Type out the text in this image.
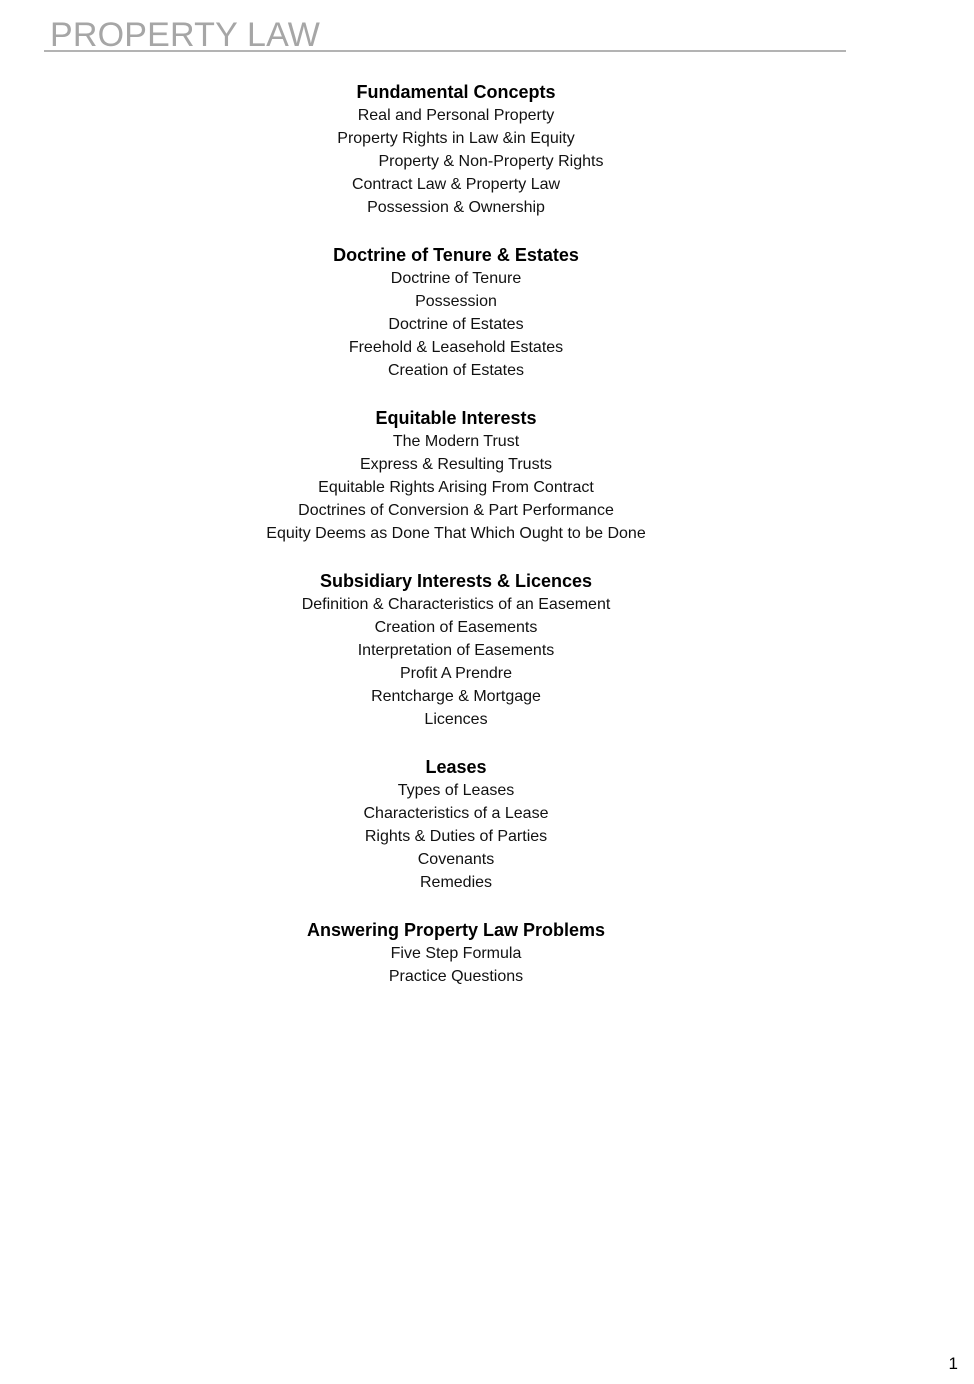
PROPERTY LAW
Fundamental Concepts
Real and Personal Property
Property Rights in Law &in Equity
Property & Non-Property Rights
Contract Law & Property Law
Possession & Ownership
Doctrine of Tenure & Estates
Doctrine of Tenure
Possession
Doctrine of Estates
Freehold & Leasehold Estates
Creation of Estates
Equitable Interests
The Modern Trust
Express & Resulting Trusts
Equitable Rights Arising From Contract
Doctrines of Conversion & Part Performance
Equity Deems as Done That Which Ought to be Done
Subsidiary Interests & Licences
Definition & Characteristics of an Easement
Creation of Easements
Interpretation of Easements
Profit A Prendre
Rentcharge & Mortgage
Licences
Leases
Types of Leases
Characteristics of a Lease
Rights & Duties of Parties
Covenants
Remedies
Answering Property Law Problems
Five Step Formula
Practice Questions
1
